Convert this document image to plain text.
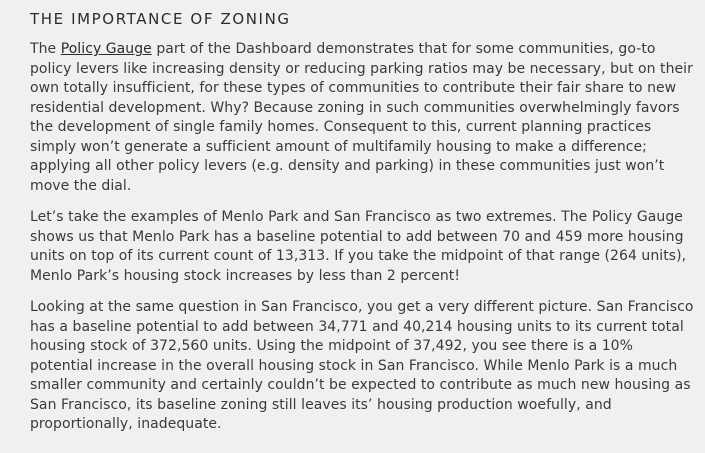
THE IMPORTANCE OF ZONING

The Policy Gauge part of the Dashboard demonstrates that for some communities, go-to policy levers like increasing density or reducing parking ratios may be necessary, but on their own totally insufficient, for these types of communities to contribute their fair share to new residential development. Why? Because zoning in such communities overwhelmingly favors the development of single family homes. Consequent to this, current planning practices simply won’t generate a sufficient amount of multifamily housing to make a difference; applying all other policy levers (e.g. density and parking) in these communities just won’t move the dial.

Let’s take the examples of Menlo Park and San Francisco as two extremes. The Policy Gauge shows us that Menlo Park has a baseline potential to add between 70 and 459 more housing units on top of its current count of 13,313. If you take the midpoint of that range (264 units), Menlo Park’s housing stock increases by less than 2 percent!

Looking at the same question in San Francisco, you get a very different picture. San Francisco has a baseline potential to add between 34,771 and 40,214 housing units to its current total housing stock of 372,560 units. Using the midpoint of 37,492, you see there is a 10% potential increase in the overall housing stock in San Francisco. While Menlo Park is a much smaller community and certainly couldn’t be expected to contribute as much new housing as San Francisco, its baseline zoning still leaves its’ housing production woefully, and proportionally, inadequate.
